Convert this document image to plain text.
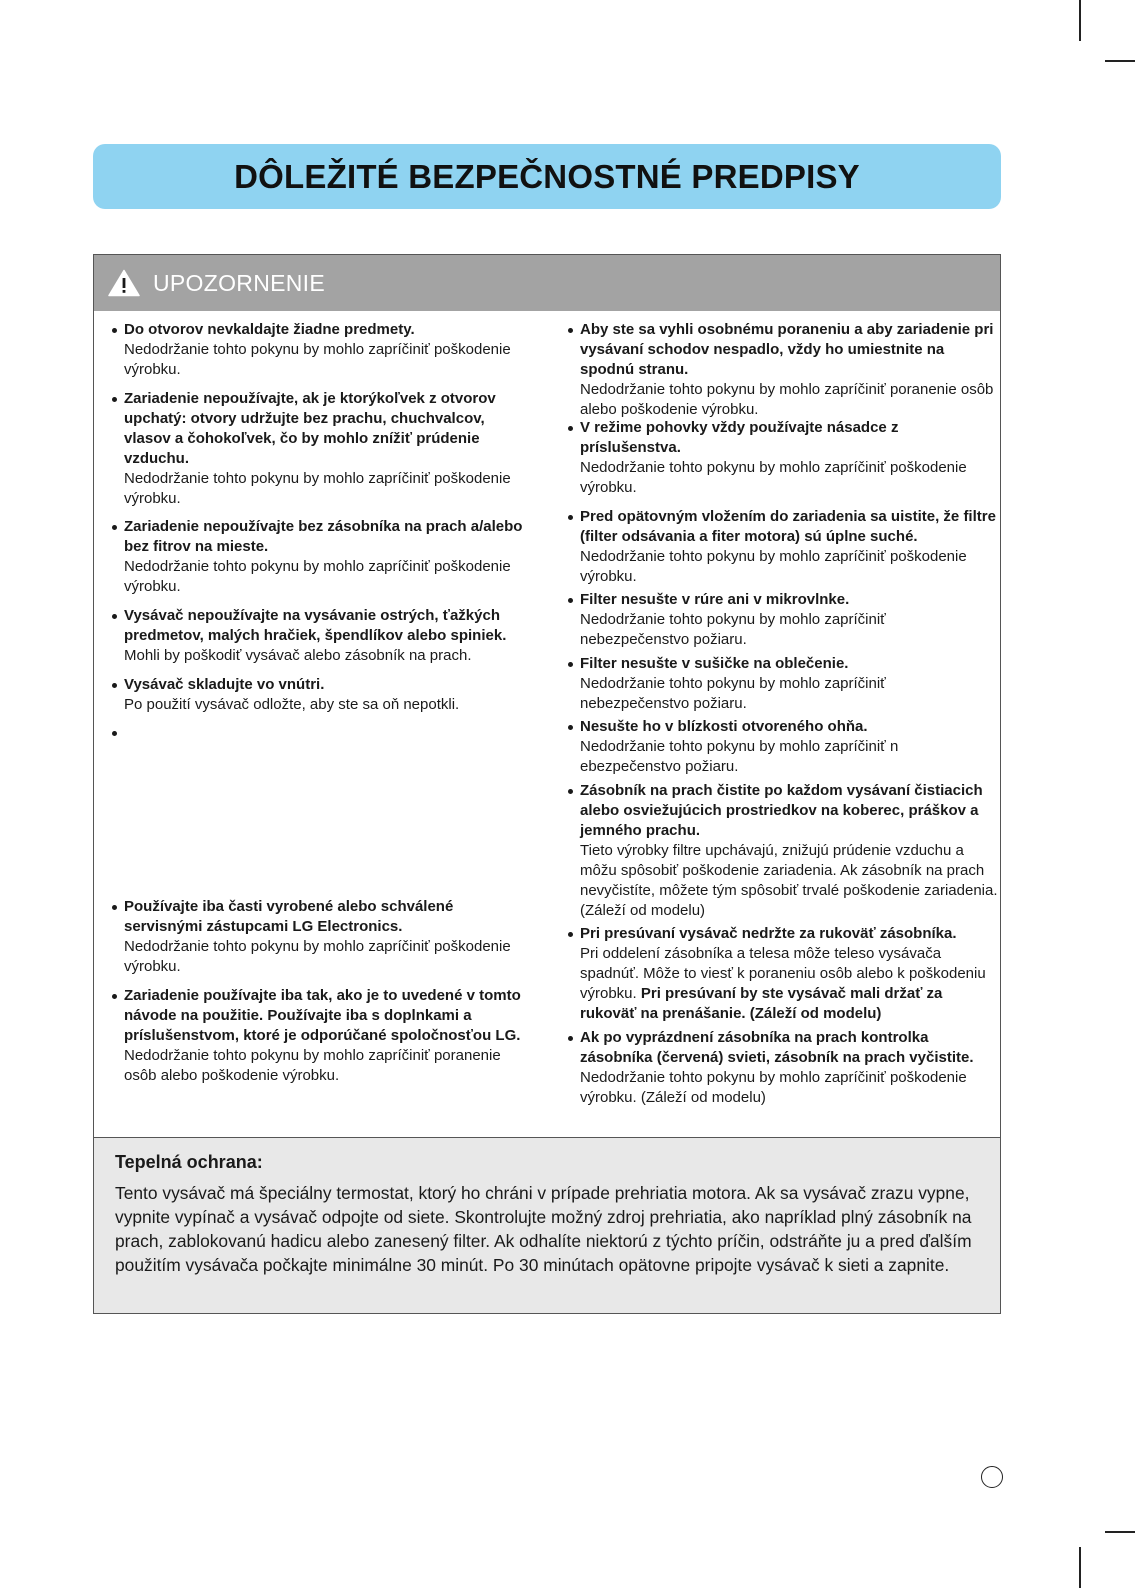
DÔLEŽITÉ BEZPEČNOSTNÉ PREDPISY
UPOZORNENIE
Do otvorov nevkaldajte žiadne predmety.
Nedodržanie tohto pokynu by mohlo zapríčiniť poškodenie výrobku.
Zariadenie nepoužívajte, ak je ktorýkoľvek z otvorov upchatý: otvory udržujte bez prachu, chuchvalcov, vlasov a čohokoľvek, čo by mohlo znížiť prúdenie vzduchu.
Nedodržanie tohto pokynu by mohlo zapríčiniť poškodenie výrobku.
Zariadenie nepoužívajte bez zásobníka na prach a/alebo bez fitrov na mieste.
Nedodržanie tohto pokynu by mohlo zapríčiniť poškodenie výrobku.
Vysávač nepoužívajte na vysávanie ostrých, ťažkých predmetov, malých hračiek, špendlíkov alebo spiniek.
Mohli by poškodiť vysávač alebo zásobník na prach.
Vysávač skladujte vo vnútri.
Po použití vysávač odložte, aby ste sa oň nepotkli.
Používajte iba časti vyrobené alebo schválené servisnými zástupcami LG Electronics.
Nedodržanie tohto pokynu by mohlo zapríčiniť poškodenie výrobku.
Zariadenie používajte iba tak, ako je to uvedené v tomto návode na použitie. Používajte iba s doplnkami a príslušenstvom, ktoré je odporúčané spoločnosťou LG.
Nedodržanie tohto pokynu by mohlo zapríčiniť poranenie osôb alebo poškodenie výrobku.
Aby ste sa vyhli osobnému poraneniu a aby zariadenie pri vysávaní schodov nespadlo, vždy ho umiestnite na spodnú stranu.
Nedodržanie tohto pokynu by mohlo zapríčiniť poranenie osôb alebo poškodenie výrobku.
V režime pohovky vždy používajte násadce z príslušenstva.
Nedodržanie tohto pokynu by mohlo zapríčiniť poškodenie výrobku.
Pred opätovným vložením do zariadenia sa uistite, že filtre (filter odsávania a fiter motora) sú úplne suché.
Nedodržanie tohto pokynu by mohlo zapríčiniť poškodenie výrobku.
Filter nesušte v rúre ani v mikrovlnke.
Nedodržanie tohto pokynu by mohlo zapríčiniť nebezpečenstvo požiaru.
Filter nesušte v sušičke na oblečenie.
Nedodržanie tohto pokynu by mohlo zapríčiniť nebezpečenstvo požiaru.
Nesušte ho v blízkosti otvoreného ohňa.
Nedodržanie tohto pokynu by mohlo zapríčiniť n ebezpečenstvo požiaru.
Zásobník na prach čistite po každom vysávaní čistiacich alebo osviežujúcich prostriedkov na koberec, práškov a jemného prachu.
Tieto výrobky filtre upchávajú, znižujú prúdenie vzduchu a môžu spôsobiť poškodenie zariadenia. Ak zásobník na prach nevyčistíte, môžete tým spôsobiť trvalé poškodenie zariadenia. (Záleží od modelu)
Pri presúvaní vysávač nedržte za rukoväť zásobníka.
Pri oddelení zásobníka a telesa môže teleso vysávača spadnúť. Môže to viesť k poraneniu osôb alebo k poškodeniu výrobku. Pri presúvaní by ste vysávač mali držať za rukoväť na prenášanie. (Záleží od modelu)
Ak po vyprázdnení zásobníka na prach kontrolka zásobníka (červená) svieti, zásobník na prach vyčistite.
Nedodržanie tohto pokynu by mohlo zapríčiniť poškodenie výrobku. (Záleží od modelu)
Tepelná ochrana:
Tento vysávač má špeciálny termostat, ktorý ho chráni v prípade prehriatia motora. Ak sa vysávač zrazu vypne, vypnite vypínač a vysávač odpojte od siete. Skontrolujte možný zdroj prehriatia, ako napríklad plný zásobník na prach, zablokovanú hadicu alebo zanesený filter. Ak odhalíte niektorú z týchto príčin, odstráňte ju a pred ďalším použitím vysávača počkajte minimálne 30 minút. Po 30 minútach opätovne pripojte vysávač k sieti a zapnite.
